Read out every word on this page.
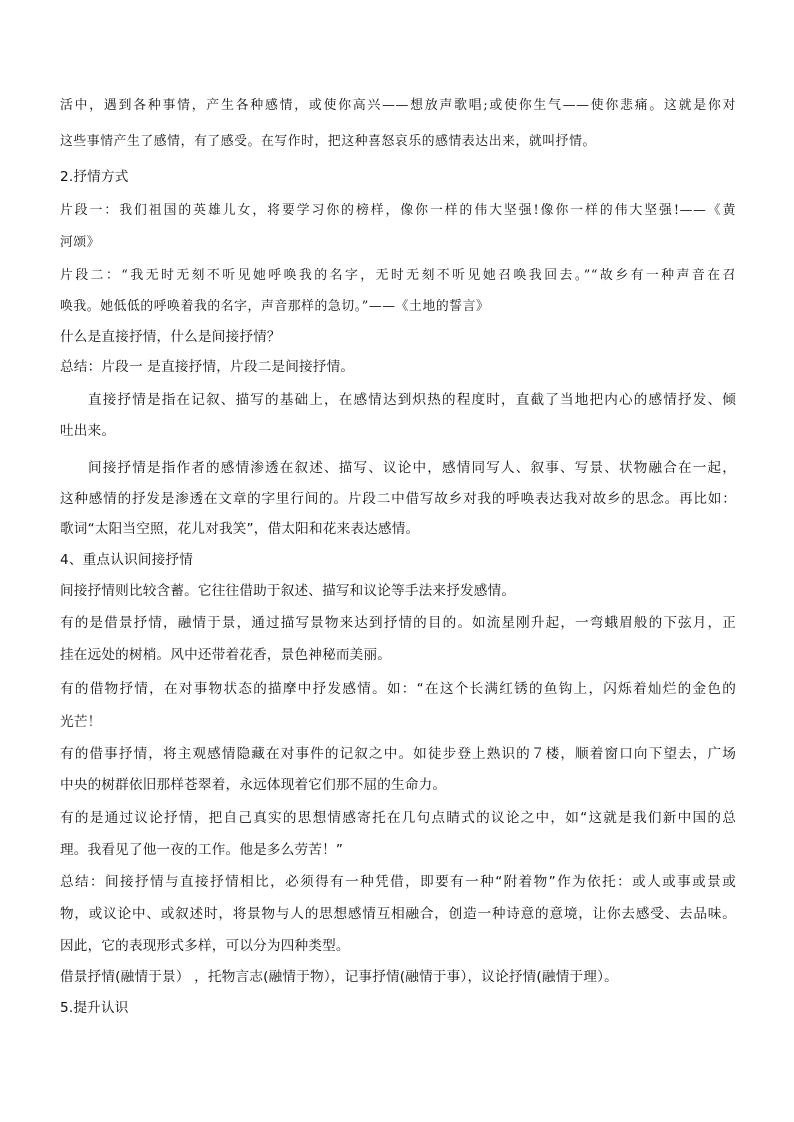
活中，遇到各种事情，产生各种感情，或使你高兴——想放声歌唱;或使你生气——使你悲痛。这就是你对
这些事情产生了感情，有了感受。在写作时，把这种喜怒哀乐的感情表达出来，就叫抒情。
2.抒情方式
片段一：我们祖国的英雄儿女，将要学习你的榜样，像你一样的伟大坚强!像你一样的伟大坚强!——《黄
河颂》
片段二：“我无时无刻不听见她呼唤我的名字，无时无刻不听见她召唤我回去。”“故乡有一种声音在召
唤我。她低低的呼唤着我的名字，声音那样的急切。”——《土地的誓言》
什么是直接抒情，什么是间接抒情？
总结：片段一 是直接抒情，片段二是间接抒情。
直接抒情是指在记叙、描写的基础上，在感情达到炽热的程度时，直截了当地把内心的感情抒发、倾
吐出来。
间接抒情是指作者的感情渗透在叙述、描写、议论中，感情同写人、叙事、写景、状物融合在一起，
这种感情的抒发是渗透在文章的字里行间的。片段二中借写故乡对我的呼唤表达我对故乡的思念。再比如：
歌词“太阳当空照，花儿对我笑”，借太阳和花来表达感情。
4、重点认识间接抒情
间接抒情则比较含蓄。它往往借助于叙述、描写和议论等手法来抒发感情。
有的是借景抒情，融情于景，通过描写景物来达到抒情的目的。如流星刚升起，一弯蛾眉般的下弦月，正
挂在远处的树梢。风中还带着花香，景色神秘而美丽。
有的借物抒情，在对事物状态的描摩中抒发感情。如：“在这个长满红锈的鱼钩上，闪烁着灿烂的金色的
光芒！
有的借事抒情，将主观感情隐藏在对事件的记叙之中。如徒步登上熟识的７楼，顺着窗口向下望去，广场
中央的树群依旧那样苍翠着，永远体现着它们那不屈的生命力。
有的是通过议论抒情，把自己真实的思想情感寄托在几句点睛式的议论之中，如“这就是我们新中国的总
理。我看见了他一夜的工作。他是多么劳苦！”
总结：间接抒情与直接抒情相比，必须得有一种凭借，即要有一种“附着物”作为依托：或人或事或景或
物，或议论中、或叙述时，将景物与人的思想感情互相融合，创造一种诗意的意境，让你去感受、去品味。
因此，它的表现形式多样，可以分为四种类型。
借景抒情(融情于景） ，托物言志(融情于物），记事抒情(融情于事），议论抒情(融情于理）。
5.提升认识
